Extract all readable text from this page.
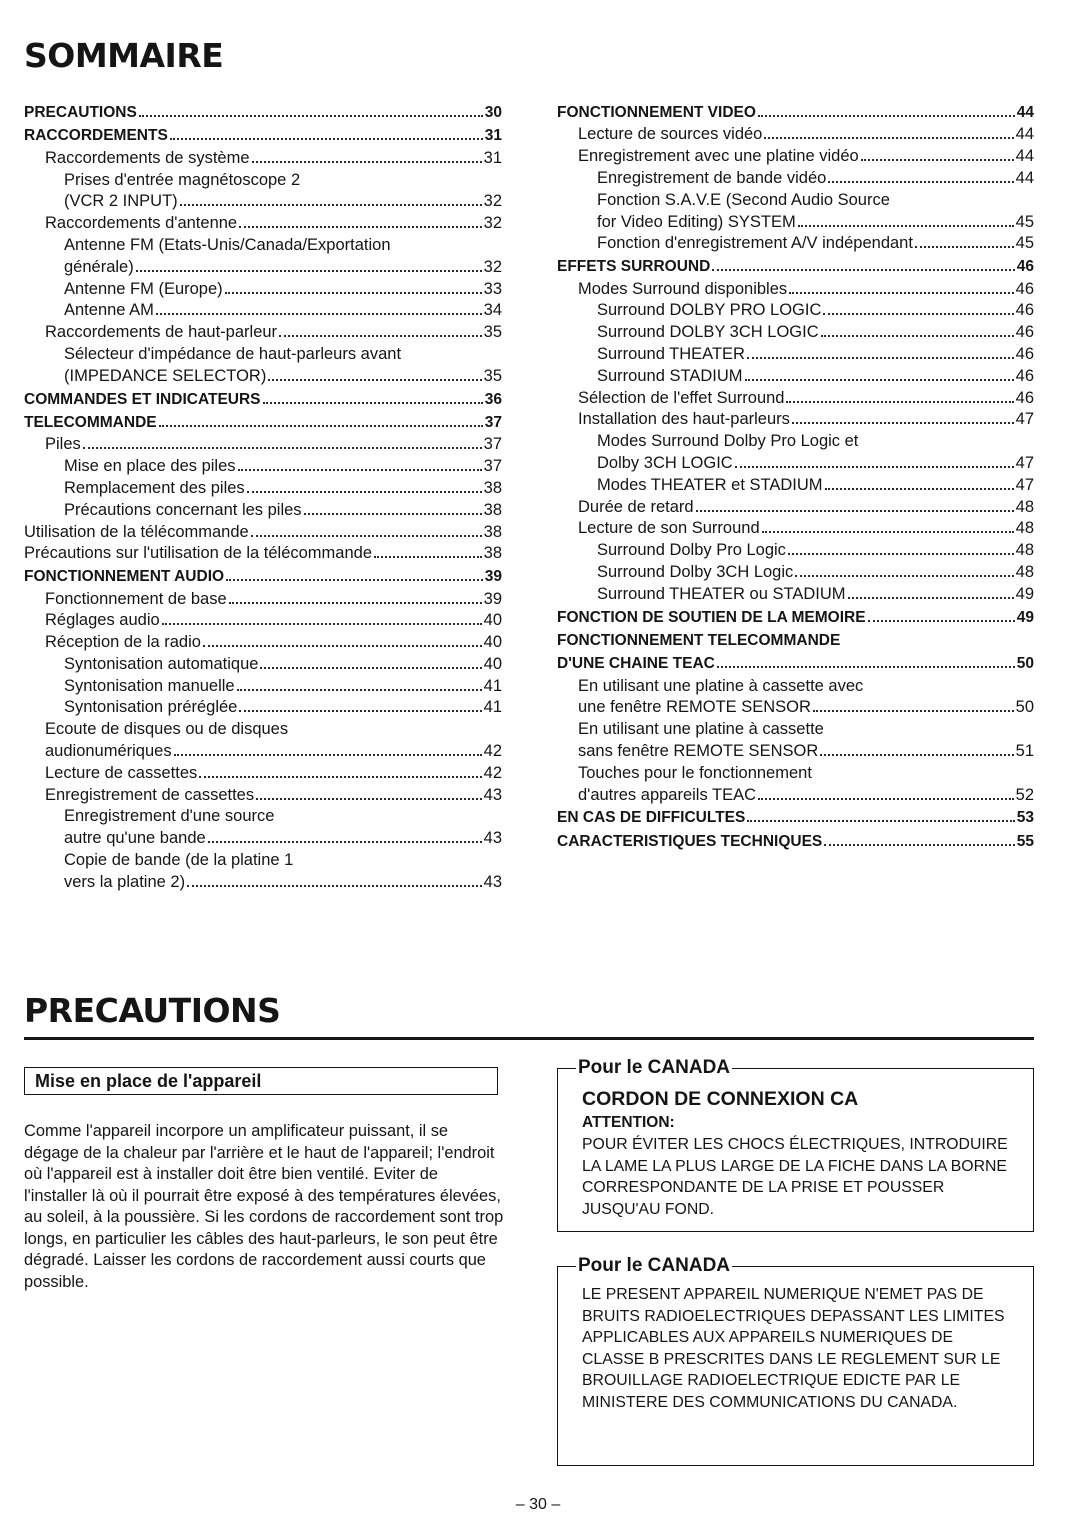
SOMMAIRE
PRECAUTIONS	30
RACCORDEMENTS	31
Raccordements de système	31
Prises d'entrée magnétoscope 2
(VCR 2 INPUT)	32
Raccordements d'antenne	32
Antenne FM (Etats-Unis/Canada/Exportation
générale)	32
Antenne FM (Europe)	33
Antenne AM	34
Raccordements de haut-parleur	35
Sélecteur d'impédance de haut-parleurs avant
(IMPEDANCE SELECTOR)	35
COMMANDES ET INDICATEURS	36
TELECOMMANDE	37
Piles	37
Mise en place des piles	37
Remplacement des piles	38
Précautions concernant les piles	38
Utilisation de la télécommande	38
Précautions sur l'utilisation de la télécommande	38
FONCTIONNEMENT AUDIO	39
Fonctionnement de base	39
Réglages audio	40
Réception de la radio	40
Syntonisation automatique	40
Syntonisation manuelle	41
Syntonisation préréglée	41
Ecoute de disques ou de disques
audionumériques	42
Lecture de cassettes	42
Enregistrement de cassettes	43
Enregistrement d'une source
autre qu'une bande	43
Copie de bande (de la platine 1
vers la platine 2)	43
FONCTIONNEMENT VIDEO	44
Lecture de sources vidéo	44
Enregistrement avec une platine vidéo	44
Enregistrement de bande vidéo	44
Fonction S.A.V.E (Second Audio Source
for Video Editing) SYSTEM	45
Fonction d'enregistrement A/V indépendant	45
EFFETS SURROUND	46
Modes Surround disponibles	46
Surround DOLBY PRO LOGIC	46
Surround DOLBY 3CH LOGIC	46
Surround THEATER	46
Surround STADIUM	46
Sélection de l'effet Surround	46
Installation des haut-parleurs	47
Modes Surround Dolby Pro Logic et
Dolby 3CH LOGIC	47
Modes THEATER et STADIUM	47
Durée de retard	48
Lecture de son Surround	48
Surround Dolby Pro Logic	48
Surround Dolby 3CH Logic	48
Surround THEATER ou STADIUM	49
FONCTION DE SOUTIEN DE LA MEMOIRE	49
FONCTIONNEMENT TELECOMMANDE
D'UNE CHAINE TEAC	50
En utilisant une platine à cassette avec
une fenêtre REMOTE SENSOR	50
En utilisant une platine à cassette
sans fenêtre REMOTE SENSOR	51
Touches pour le fonctionnement
d'autres appareils TEAC	52
EN CAS DE DIFFICULTES	53
CARACTERISTIQUES TECHNIQUES	55
PRECAUTIONS
Mise en place de l'appareil

Comme l'appareil incorpore un amplificateur puissant, il se dégage de la chaleur par l'arrière et le haut de l'appareil; l'endroit où l'appareil est à installer doit être bien ventilé. Eviter de l'installer là où il pourrait être exposé à des températures élevées, au soleil, à la poussière. Si les cordons de raccordement sont trop longs, en particulier les câbles des haut-parleurs, le son peut être dégradé. Laisser les cordons de raccordement aussi courts que possible.

Pour le CANADA
CORDON DE CONNEXION CA
ATTENTION:
POUR ÉVITER LES CHOCS ÉLECTRIQUES, INTRODUIRE LA LAME LA PLUS LARGE DE LA FICHE DANS LA BORNE CORRESPONDANTE DE LA PRISE ET POUSSER JUSQU'AU FOND.
Pour le CANADA
LE PRESENT APPAREIL NUMERIQUE N'EMET PAS DE BRUITS RADIOELECTRIQUES DEPASSANT LES LIMITES APPLICABLES AUX APPAREILS NUMERIQUES DE CLASSE B PRESCRITES DANS LE REGLEMENT SUR LE BROUILLAGE RADIOELECTRIQUE EDICTE PAR LE MINISTERE DES COMMUNICATIONS DU CANADA.
– 30 –
